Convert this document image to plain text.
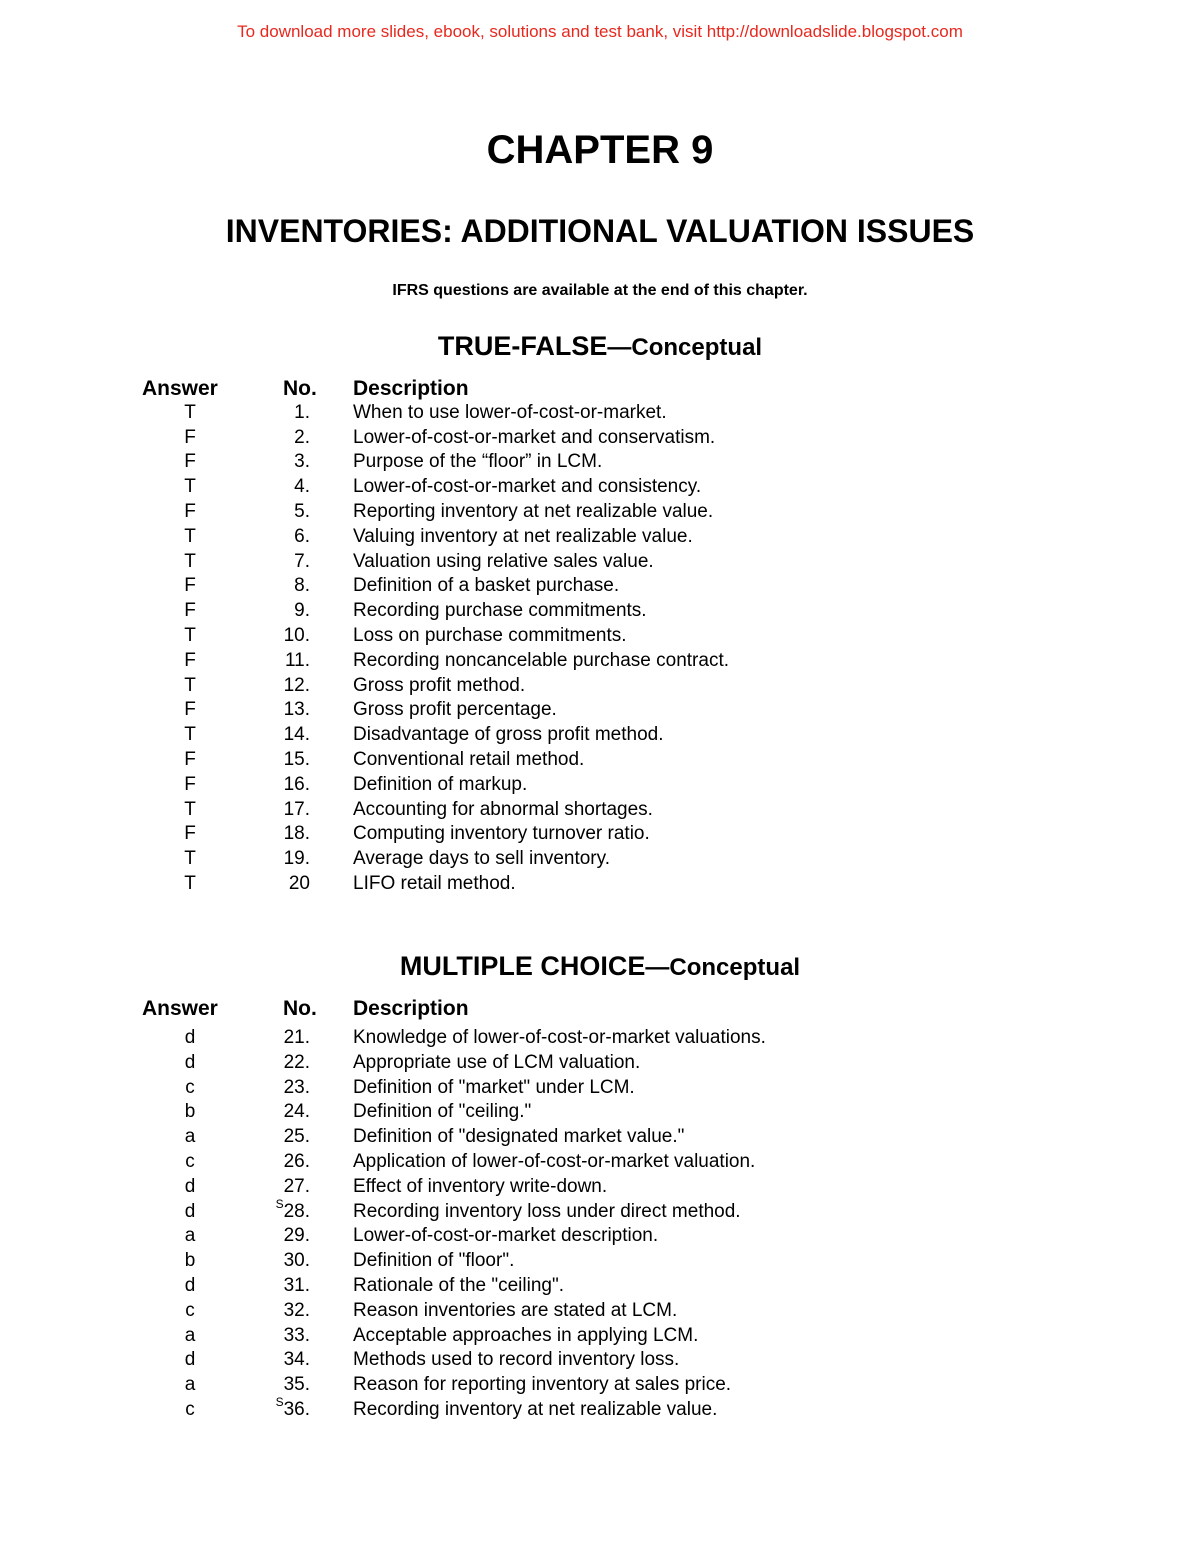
To download more slides, ebook, solutions and test bank, visit http://downloadslide.blogspot.com
CHAPTER 9
INVENTORIES: ADDITIONAL VALUATION ISSUES
IFRS questions are available at the end of this chapter.
TRUE-FALSE—Conceptual
Answer	No. Description
T	1. When to use lower-of-cost-or-market.
F	2. Lower-of-cost-or-market and conservatism.
F	3. Purpose of the “floor” in LCM.
T	4. Lower-of-cost-or-market and consistency.
F	5. Reporting inventory at net realizable value.
T	6. Valuing inventory at net realizable value.
T	7. Valuation using relative sales value.
F	8. Definition of a basket purchase.
F	9. Recording purchase commitments.
T	10. Loss on purchase commitments.
F	11. Recording noncancelable purchase contract.
T	12. Gross profit method.
F	13. Gross profit percentage.
T	14. Disadvantage of gross profit method.
F	15. Conventional retail method.
F	16. Definition of markup.
T	17. Accounting for abnormal shortages.
F	18. Computing inventory turnover ratio.
T	19. Average days to sell inventory.
T	20 LIFO retail method.
MULTIPLE CHOICE—Conceptual
Answer	No. Description
d	21. Knowledge of lower-of-cost-or-market valuations.
d	22. Appropriate use of LCM valuation.
c	23. Definition of "market" under LCM.
b	24. Definition of "ceiling."
a	25. Definition of "designated market value."
c	26. Application of lower-of-cost-or-market valuation.
d	27. Effect of inventory write-down.
d	$^S$28. Recording inventory loss under direct method.
a	29. Lower-of-cost-or-market description.
b	30. Definition of "floor".
d	31. Rationale of the "ceiling".
c	32. Reason inventories are stated at LCM.
a	33. Acceptable approaches in applying LCM.
d	34. Methods used to record inventory loss.
a	35. Reason for reporting inventory at sales price.
c	$^S$36. Recording inventory at net realizable value.
